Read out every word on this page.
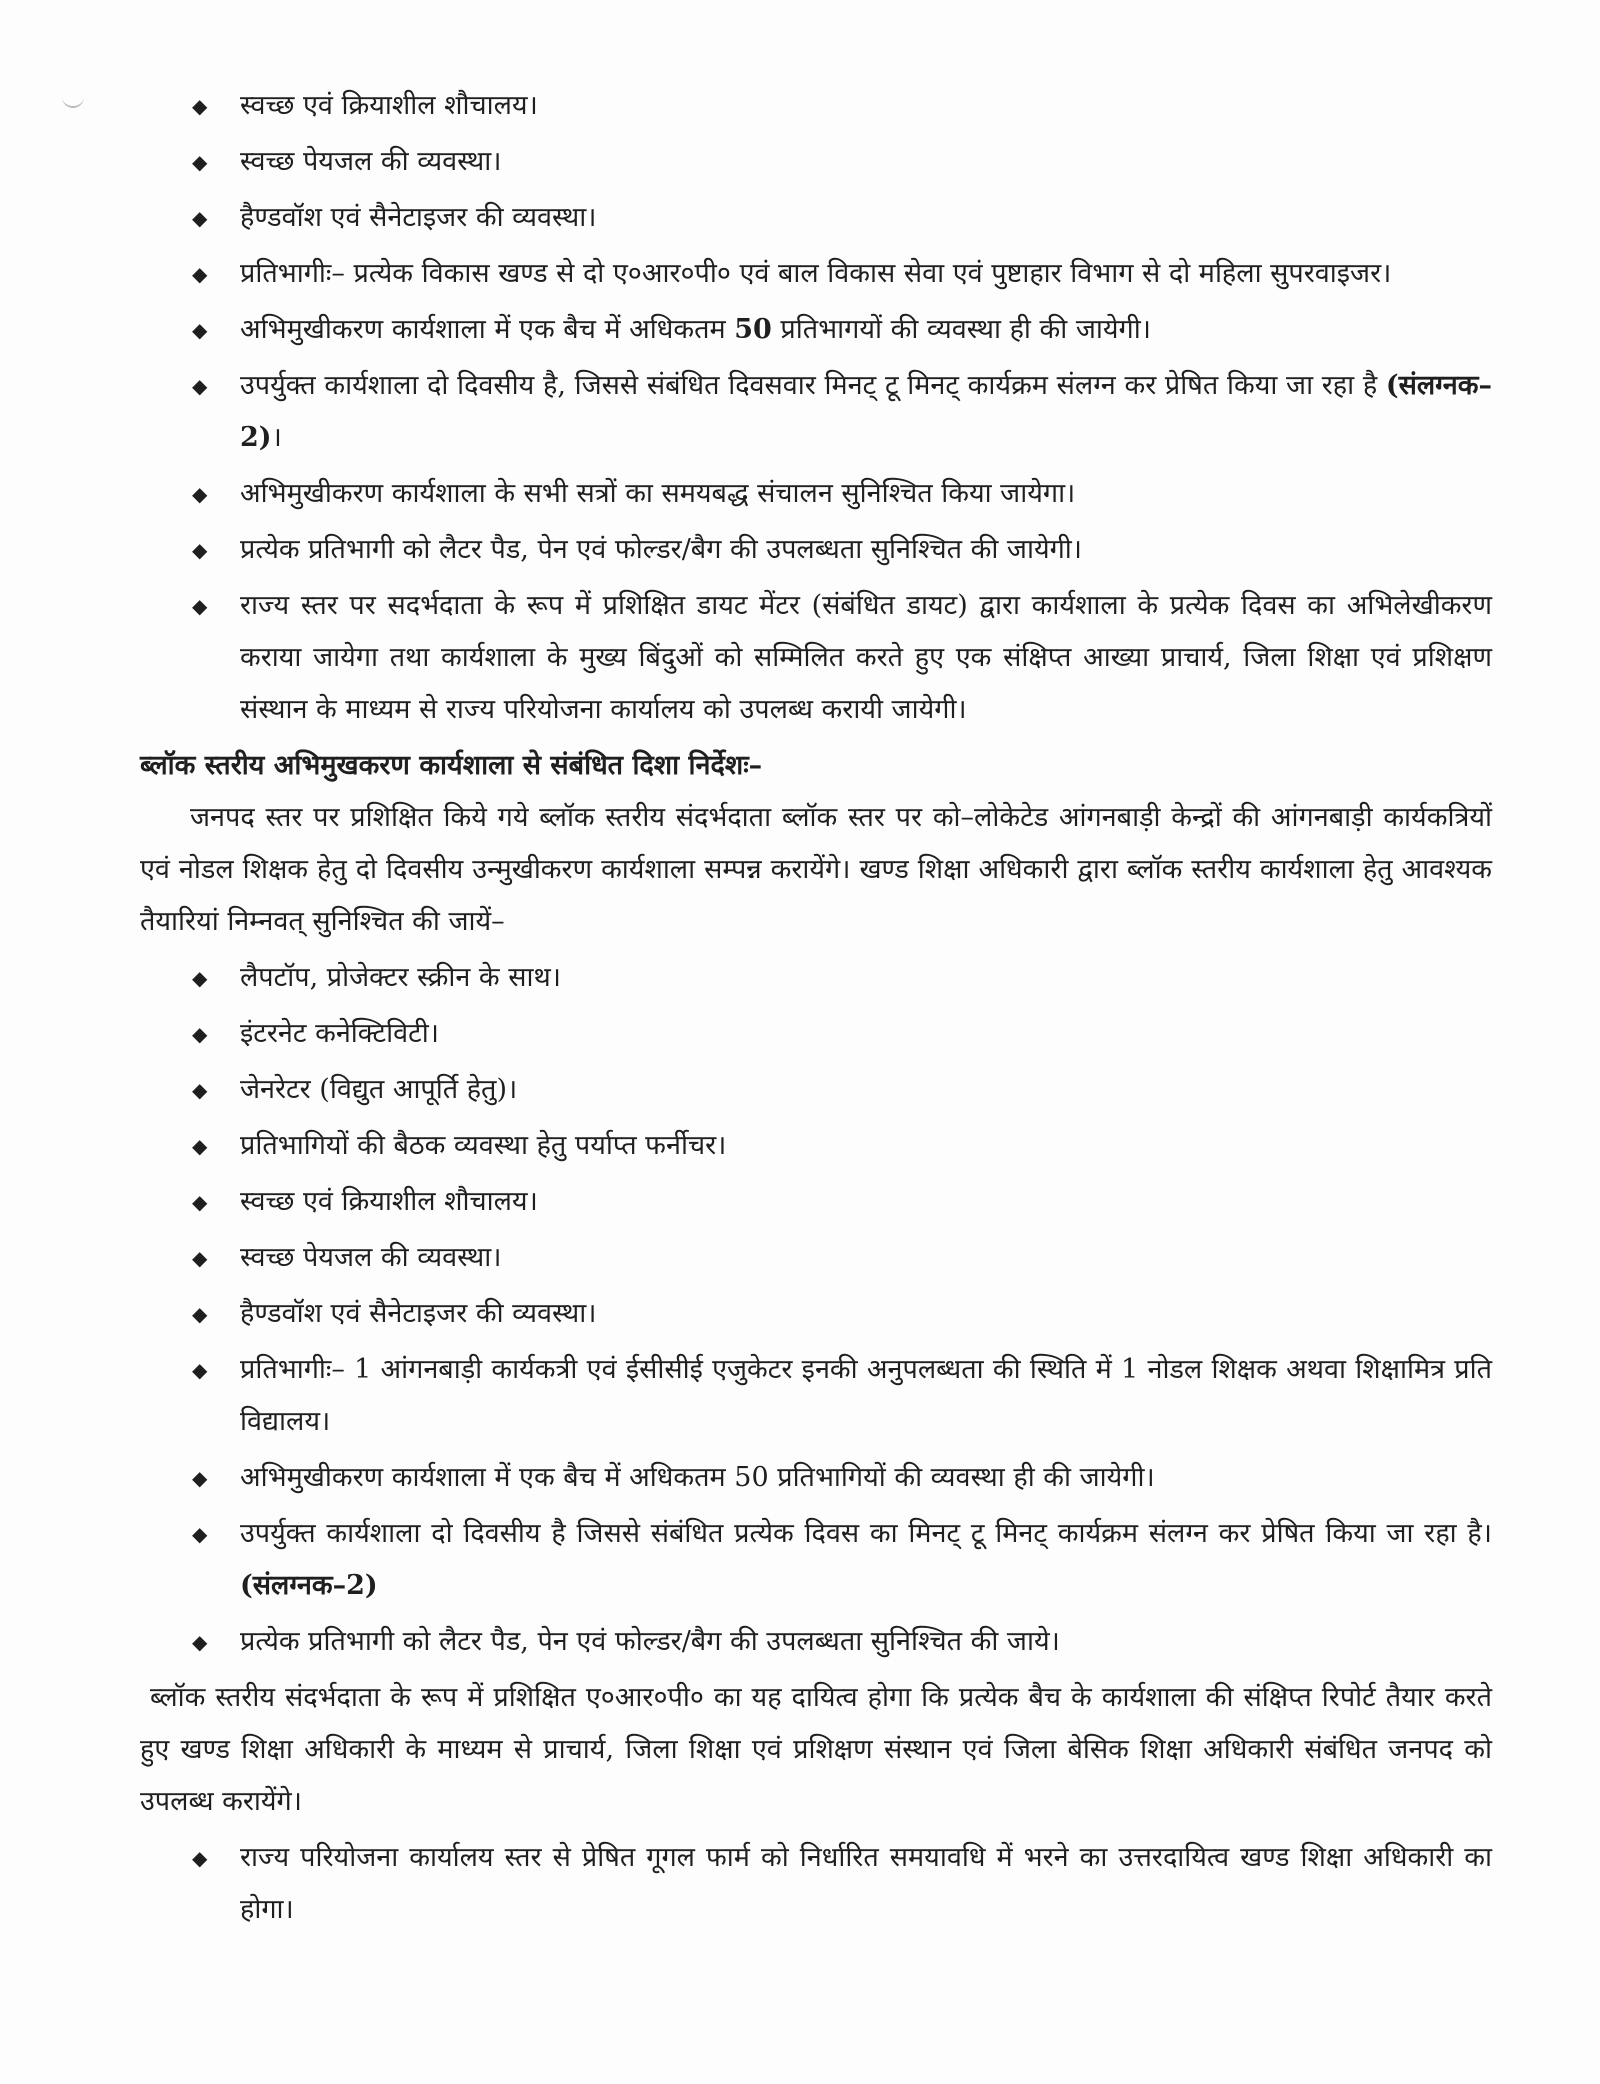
◆ स्वच्छ एवं क्रियाशील शौचालय।
◆ स्वच्छ पेयजल की व्यवस्था।
◆ हैण्डवॉश एवं सैनेटाइजर की व्यवस्था।
◆ प्रतिभागीः– प्रत्येक विकास खण्ड से दो ए०आर०पी० एवं बाल विकास सेवा एवं पुष्टाहार विभाग से दो महिला सुपरवाइजर।
◆ अभिमुखीकरण कार्यशाला में एक बैच में अधिकतम 50 प्रतिभागयों की व्यवस्था ही की जायेगी।
◆ उपर्युक्त कार्यशाला दो दिवसीय है, जिससे संबंधित दिवसवार मिनट् टू मिनट् कार्यक्रम संलग्न कर प्रेषित किया जा रहा है (संलग्नक–2)।
◆ अभिमुखीकरण कार्यशाला के सभी सत्रों का समयबद्ध संचालन सुनिश्चित किया जायेगा।
◆ प्रत्येक प्रतिभागी को लैटर पैड, पेन एवं फोल्डर/बैग की उपलब्धता सुनिश्चित की जायेगी।
◆ राज्य स्तर पर सदर्भदाता के रूप में प्रशिक्षित डायट मेंटर (संबंधित डायट) द्वारा कार्यशाला के प्रत्येक दिवस का अभिलेखीकरण कराया जायेगा तथा कार्यशाला के मुख्य बिंदुओं को सम्मिलित करते हुए एक संक्षिप्त आख्या प्राचार्य, जिला शिक्षा एवं प्रशिक्षण संस्थान के माध्यम से राज्य परियोजना कार्यालय को उपलब्ध करायी जायेगी।
ब्लॉक स्तरीय अभिमुखकरण कार्यशाला से संबंधित दिशा निर्देशः–

जनपद स्तर पर प्रशिक्षित किये गये ब्लॉक स्तरीय संदर्भदाता ब्लॉक स्तर पर को–लोकेटेड आंगनबाड़ी केन्द्रों की आंगनबाड़ी कार्यकत्रियों एवं नोडल शिक्षक हेतु दो दिवसीय उन्मुखीकरण कार्यशाला सम्पन्न करायेंगे। खण्ड शिक्षा अधिकारी द्वारा ब्लॉक स्तरीय कार्यशाला हेतु आवश्यक तैयारियां निम्नवत् सुनिश्चित की जायें–

◆ लैपटॉप, प्रोजेक्टर स्क्रीन के साथ।
◆ इंटरनेट कनेक्टिविटी।
◆ जेनरेटर (विद्युत आपूर्ति हेतु)।
◆ प्रतिभागियों की बैठक व्यवस्था हेतु पर्याप्त फर्नीचर।
◆ स्वच्छ एवं क्रियाशील शौचालय।
◆ स्वच्छ पेयजल की व्यवस्था।
◆ हैण्डवॉश एवं सैनेटाइजर की व्यवस्था।
◆ प्रतिभागीः– 1 आंगनबाड़ी कार्यकत्री एवं ईसीसीई एजुकेटर इनकी अनुपलब्धता की स्थिति में 1 नोडल शिक्षक अथवा शिक्षामित्र प्रति विद्यालय।
◆ अभिमुखीकरण कार्यशाला में एक बैच में अधिकतम 50 प्रतिभागियों की व्यवस्था ही की जायेगी।
◆ उपर्युक्त कार्यशाला दो दिवसीय है जिससे संबंधित प्रत्येक दिवस का मिनट् टू मिनट् कार्यक्रम संलग्न कर प्रेषित किया जा रहा है। (संलग्नक–2)
◆ प्रत्येक प्रतिभागी को लैटर पैड, पेन एवं फोल्डर/बैग की उपलब्धता सुनिश्चित की जाये।

ब्लॉक स्तरीय संदर्भदाता के रूप में प्रशिक्षित ए०आर०पी० का यह दायित्व होगा कि प्रत्येक बैच के कार्यशाला की संक्षिप्त रिपोर्ट तैयार करते हुए खण्ड शिक्षा अधिकारी के माध्यम से प्राचार्य, जिला शिक्षा एवं प्रशिक्षण संस्थान एवं जिला बेसिक शिक्षा अधिकारी संबंधित जनपद को उपलब्ध करायेंगे।

◆ राज्य परियोजना कार्यालय स्तर से प्रेषित गूगल फार्म को निर्धारित समयावधि में भरने का उत्तरदायित्व खण्ड शिक्षा अधिकारी का होगा।
